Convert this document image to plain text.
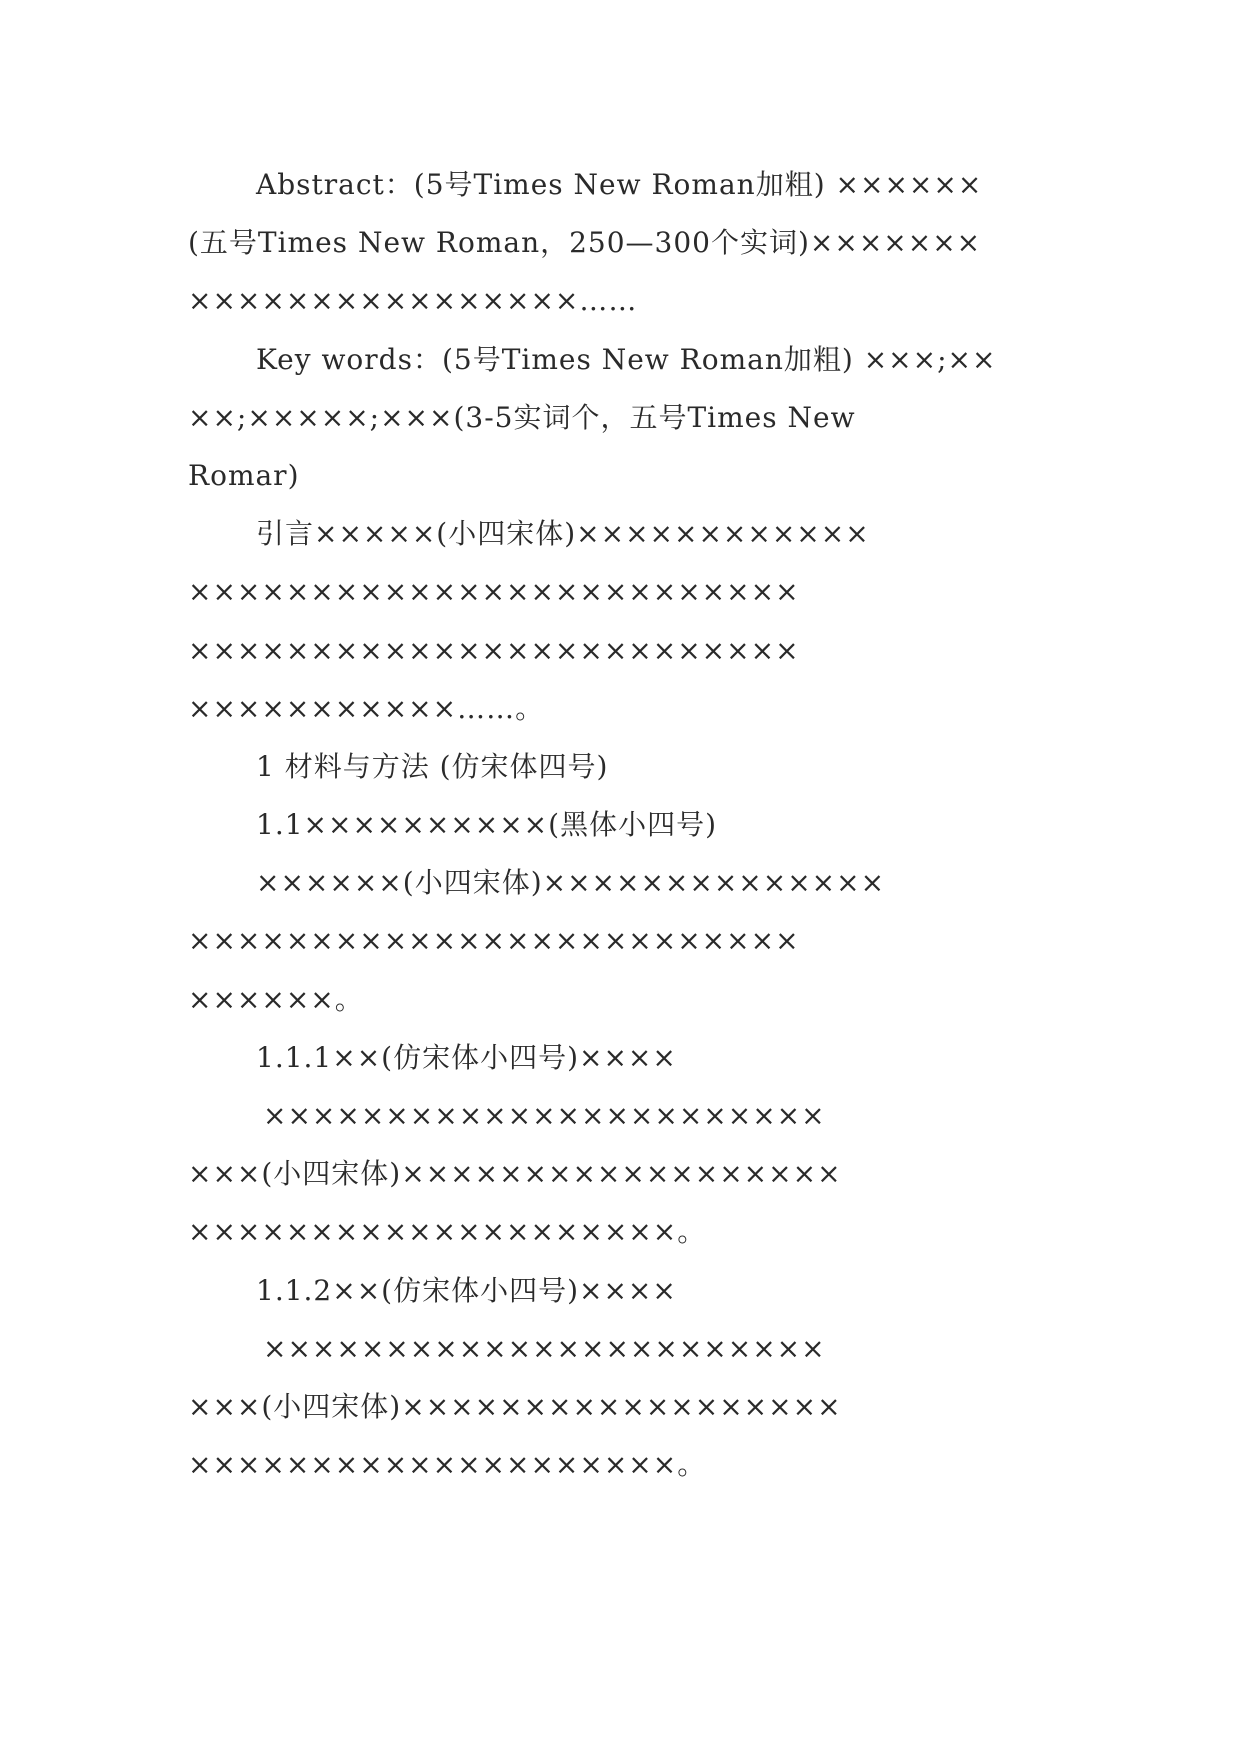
Abstract：(5号Times New Roman加粗) ××××××
(五号Times New Roman，250—300个实词)×××××××
××××××××××××××××……
Key words：(5号Times New Roman加粗) ×××;××
××;×××××;×××(3-5实词个，五号Times New
Romar)
引言×××××(小四宋体)××××××××××××
×××××××××××××××××××××××××
×××××××××××××××××××××××××
×××××××××××……。
1 材料与方法 (仿宋体四号)
1.1××××××××××(黑体小四号)
××××××(小四宋体)××××××××××××××
×××××××××××××××××××××××××
××××××。
1.1.1××(仿宋体小四号)××××
×××××××××××××××××××××××
×××(小四宋体)××××××××××××××××××
××××××××××××××××××××。
1.1.2××(仿宋体小四号)××××
×××××××××××××××××××××××
×××(小四宋体)××××××××××××××××××
××××××××××××××××××××。
